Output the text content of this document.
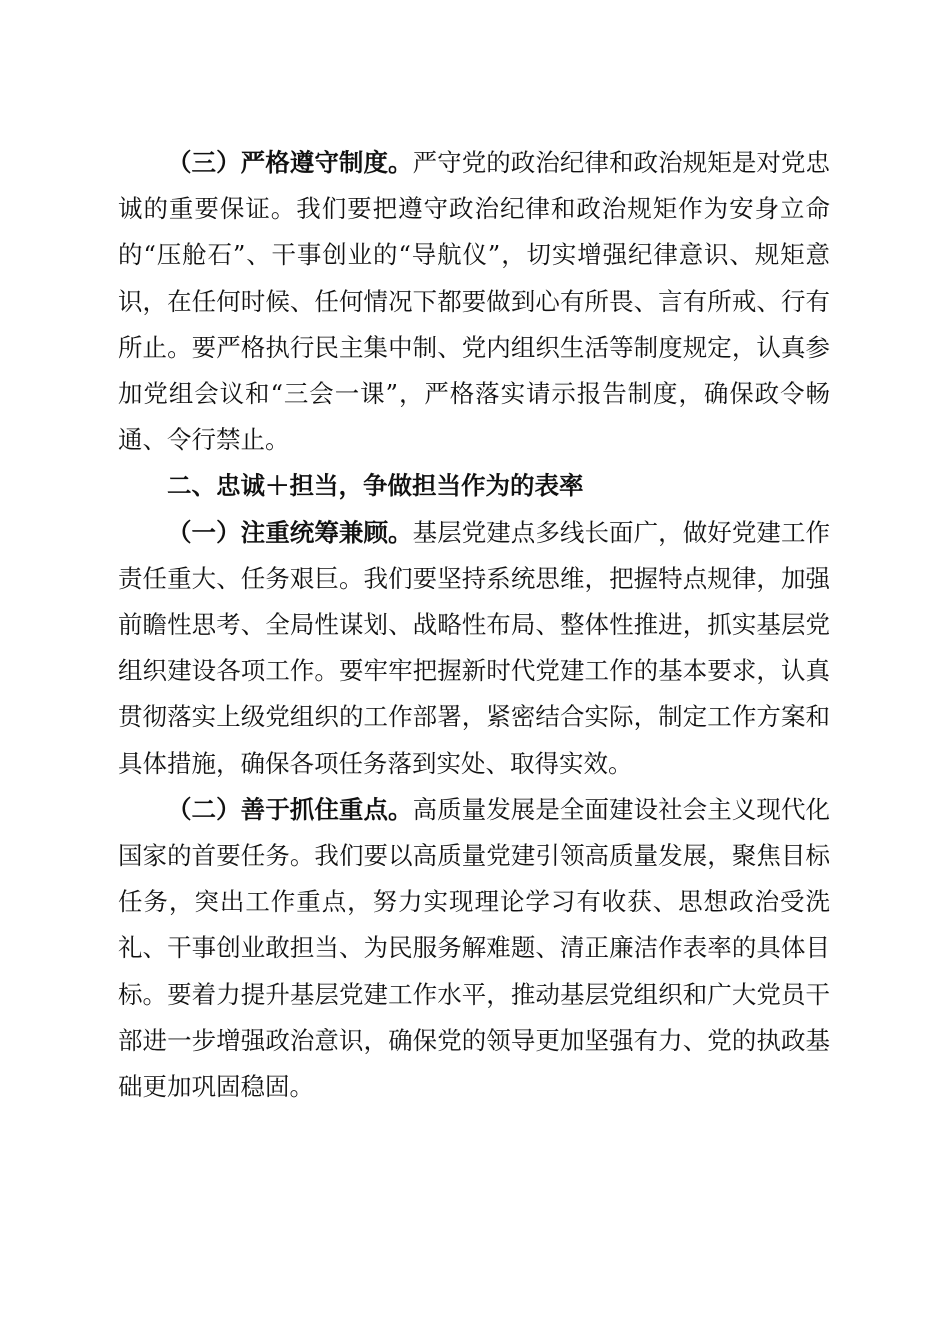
（三）严格遵守制度。严守党的政治纪律和政治规矩是对党忠诚的重要保证。我们要把遵守政治纪律和政治规矩作为安身立命的“压舱石”、干事创业的“导航仪”，切实增强纪律意识、规矩意识，在任何时候、任何情况下都要做到心有所畏、言有所戒、行有所止。要严格执行民主集中制、党内组织生活等制度规定，认真参加党组会议和“三会一课”，严格落实请示报告制度，确保政令畅通、令行禁止。

二、忠诚＋担当，争做担当作为的表率

（一）注重统筹兼顾。基层党建点多线长面广，做好党建工作责任重大、任务艰巨。我们要坚持系统思维，把握特点规律，加强前瞻性思考、全局性谋划、战略性布局、整体性推进，抓实基层党组织建设各项工作。要牢牢把握新时代党建工作的基本要求，认真贯彻落实上级党组织的工作部署，紧密结合实际，制定工作方案和具体措施，确保各项任务落到实处、取得实效。

（二）善于抓住重点。高质量发展是全面建设社会主义现代化国家的首要任务。我们要以高质量党建引领高质量发展，聚焦目标任务，突出工作重点，努力实现理论学习有收获、思想政治受洗礼、干事创业敢担当、为民服务解难题、清正廉洁作表率的具体目标。要着力提升基层党建工作水平，推动基层党组织和广大党员干部进一步增强政治意识，确保党的领导更加坚强有力、党的执政基础更加巩固稳固。
